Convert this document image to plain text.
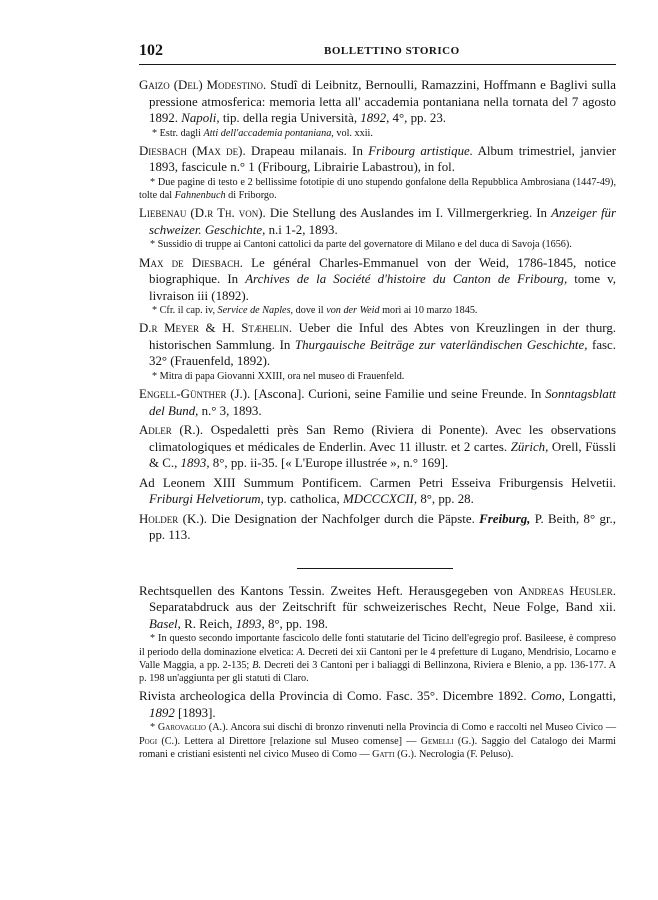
102	BOLLETTINO STORICO

Gaizo (Del) Modestino. Studî di Leibnitz, Bernoulli, Ramazzini, Hoffmann e Baglivi sulla pressione atmosferica: memoria letta all' accademia pontaniana nella tornata del 7 agosto 1892. Napoli, tip. della regia Università, 1892, 4°, pp. 23.

* Estr. dagli Atti dell'accademia pontaniana, vol. xxii.

Diesbach (Max de). Drapeau milanais. In Fribourg artistique. Album trimestriel, janvier 1893, fascicule n.° 1 (Fribourg, Librairie Labastrou), in fol.

* Due pagine di testo e 2 bellissime fototipie di uno stupendo gonfalone della Repubblica Ambrosiana (1447-49), tolte dal Fahnenbuch di Friborgo.

Liebenau (D.r Th. von). Die Stellung des Auslandes im I. Villmergerkrieg. In Anzeiger für schweizer. Geschichte, n.i 1-2, 1893.

* Sussidio di truppe ai Cantoni cattolici da parte del governatore di Milano e del duca di Savoja (1656).

Max de Diesbach. Le général Charles-Emmanuel von der Weid, 1786-1845, notice biographique. In Archives de la Société d'histoire du Canton de Fribourg, tome v, livraison iii (1892).

* Cfr. il cap. iv, Service de Naples, dove il von der Weid morì ai 10 marzo 1845.

D.r Meyer & H. Stæhelin. Ueber die Inful des Abtes von Kreuzlingen in der thurg. historischen Sammlung. In Thurgauische Beiträge zur vaterländischen Geschichte, fasc. 32° (Frauenfeld, 1892).

* Mitra di papa Giovanni XXIII, ora nel museo di Frauenfeld.

Engell-Günther (J.). [Ascona]. Curioni, seine Familie und seine Freunde. In Sonntagsblatt del Bund, n.° 3, 1893.

Adler (R.). Ospedaletti près San Remo (Riviera di Ponente). Avec les observations climatologiques et médicales de Enderlin. Avec 11 illustr. et 2 cartes. Zürich, Orell, Füssli & C., 1893, 8°, pp. ii-35. [« L'Europe illustrée », n.° 169].

Ad Leonem XIII Summum Pontificem. Carmen Petri Esseiva Friburgensis Helvetii. Friburgi Helvetiorum, typ. catholica, MDCCCXCII, 8°, pp. 28.

Holder (K.). Die Designation der Nachfolger durch die Päpste. Freiburg, P. Beith, 8° gr., pp. 113.

Rechtsquellen des Kantons Tessin. Zweites Heft. Herausgegeben von Andreas Heusler. Separatabdruck aus der Zeitschrift für schweizerisches Recht, Neue Folge, Band xii. Basel, R. Reich, 1893, 8°, pp. 198.

* In questo secondo importante fascicolo delle fonti statutarie del Ticino dell'egregio prof. Basileese, è compreso il periodo della dominazione elvetica: A. Decreti dei xii Cantoni per le 4 prefetture di Lugano, Mendrisio, Locarno e Valle Maggia, a pp. 2-135; B. Decreti dei 3 Cantoni per i baliaggi di Bellinzona, Riviera e Blenio, a pp. 136-177. A p. 198 un'aggiunta per gli statuti di Claro.

Rivista archeologica della Provincia di Como. Fasc. 35°. Dicembre 1892. Como, Longatti, 1892 [1893].

* Garovaglio (A.). Ancora sui dischi di bronzo rinvenuti nella Provincia di Como e raccolti nel Museo Civico — Pogi (C.). Lettera al Direttore [relazione sul Museo comense] — Gemelli (G.). Saggio del Catalogo dei Marmi romani e cristiani esistenti nel civico Museo di Como — Gatti (G.). Necrologia (F. Peluso).
